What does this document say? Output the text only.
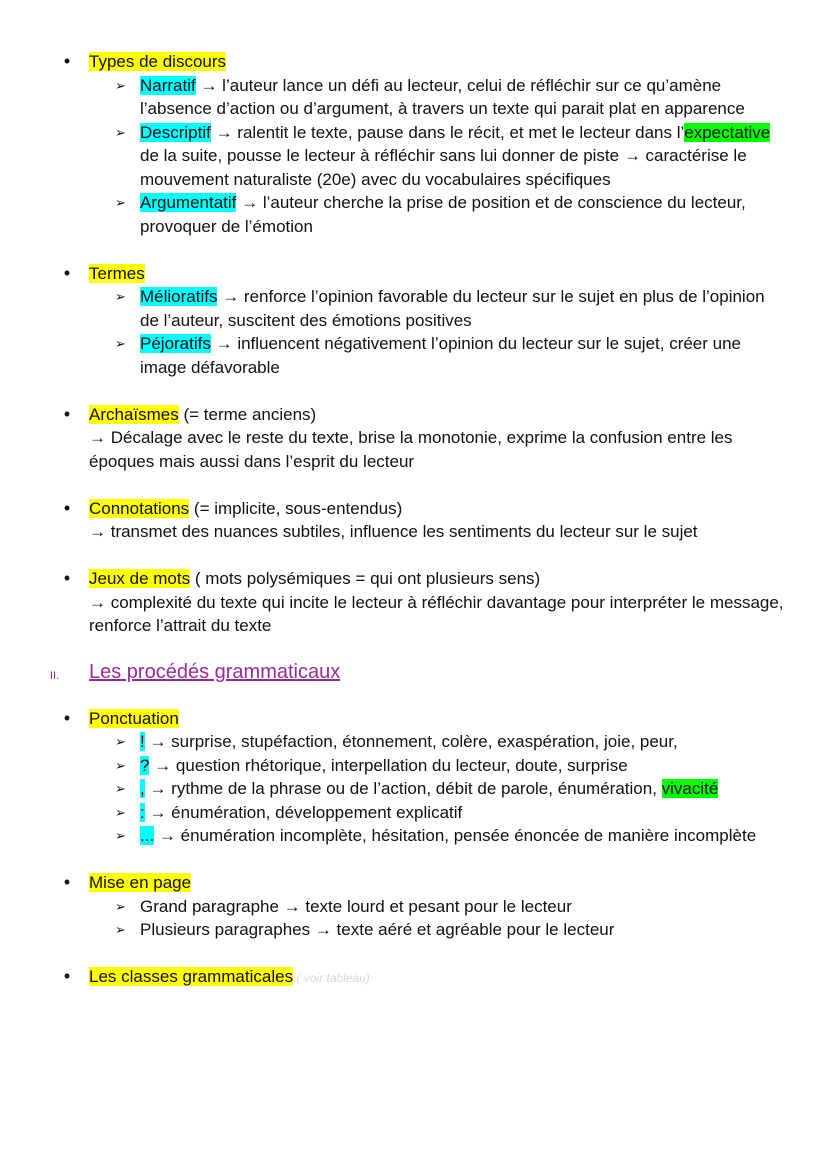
•
Types de discours
➢ Narratif → l’auteur lance un défi au lecteur, celui de réfléchir sur ce qu’amène l’absence d’action ou d’argument, à travers un texte qui parait plat en apparence
➢ Descriptif → ralentit le texte, pause dans le récit, et met le lecteur dans l’expectative de la suite, pousse le lecteur à réfléchir sans lui donner de piste → caractérise le mouvement naturaliste (20e) avec du vocabulaires spécifiques
➢ Argumentatif → l’auteur cherche la prise de position et de conscience du lecteur, provoquer de l’émotion
•
Termes
➢ Mélioratifs → renforce l’opinion favorable du lecteur sur le sujet en plus de l’opinion de l’auteur, suscitent des émotions positives
➢ Péjoratifs → influencent négativement l’opinion du lecteur sur le sujet, créer une image défavorable
•
Archaïsmes (= terme anciens)
→ Décalage avec le reste du texte, brise la monotonie, exprime la confusion entre les époques mais aussi dans l’esprit du lecteur
•
Connotations (= implicite, sous-entendus)
→ transmet des nuances subtiles, influence les sentiments du lecteur sur le sujet
•
Jeux de mots ( mots polysémiques = qui ont plusieurs sens)
→ complexité du texte qui incite le lecteur à réfléchir davantage pour interpréter le message, renforce l’attrait du texte
II. Les procédés grammaticaux
•
Ponctuation
➢ ! → surprise, stupéfaction, étonnement, colère, exaspération, joie, peur,
➢ ? → question rhétorique, interpellation du lecteur, doute, surprise
➢ , → rythme de la phrase ou de l’action, débit de parole, énumération, vivacité
➢ : → énumération, développement explicatif
➢ ... → énumération incomplète, hésitation, pensée énoncée de manière incomplète
•
Mise en page
➢ Grand paragraphe → texte lourd et pesant pour le lecteur
➢ Plusieurs paragraphes → texte aéré et agréable pour le lecteur
•
Les classes grammaticales ( voir tableau)
